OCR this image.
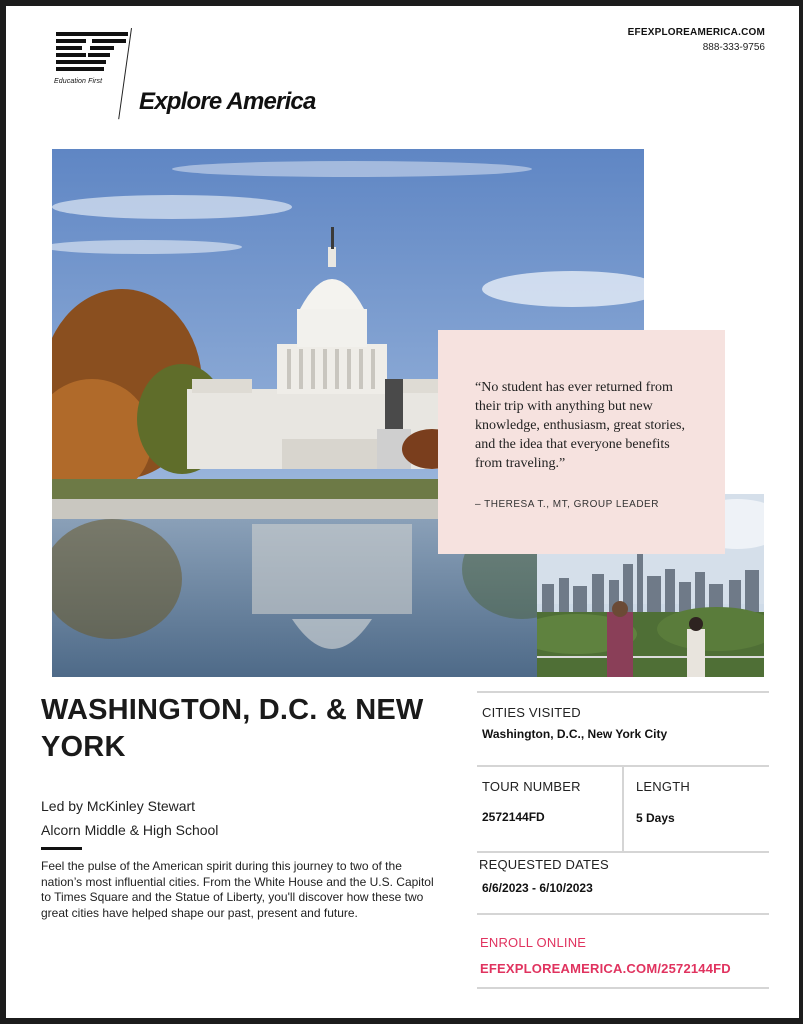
Education First
Explore America
EFEXPLOREAMERICA.COM
888-333-9756
“No student has ever returned from their trip with anything but new knowledge, enthusiasm, great stories, and the idea that everyone benefits from traveling.”
– THERESA T., MT, GROUP LEADER
WASHINGTON, D.C. & NEW YORK
Led by McKinley Stewart
Alcorn Middle & High School
Feel the pulse of the American spirit during this journey to two of the nation’s most influential cities. From the White House and the U.S. Capitol to Times Square and the Statue of Liberty, you'll discover how these two great cities have helped shape our past, present and future.
CITIES VISITED
Washington, D.C., New York City
TOUR NUMBER
2572144FD
LENGTH
5 Days
REQUESTED DATES
6/6/2023 - 6/10/2023
ENROLL ONLINE
EFEXPLOREAMERICA.COM/2572144FD
